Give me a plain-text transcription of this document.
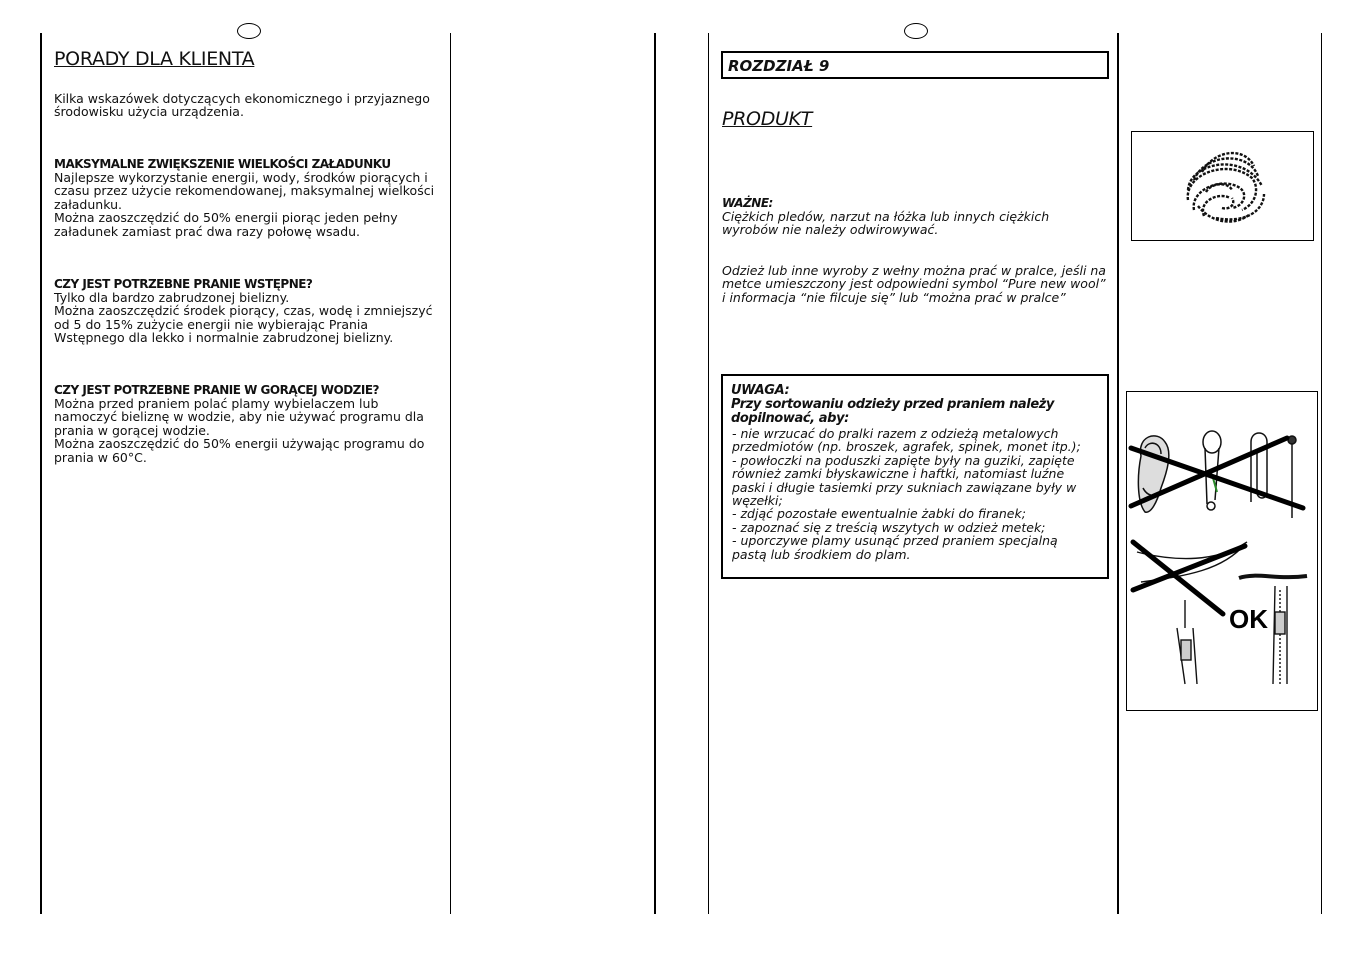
PORADY DLA KLIENTA
Kilka wskazówek dotyczących ekonomicznego i przyjaznego
środowisku użycia urządzenia.
MAKSYMALNE ZWIĘKSZENIE WIELKOŚCI ZAŁADUNKU
Najlepsze wykorzystanie energii, wody, środków piorących i
czasu przez użycie rekomendowanej, maksymalnej wielkości
załadunku.
Można zaoszczędzić do 50% energii piorąc jeden pełny
załadunek zamiast prać dwa razy połowę wsadu.
CZY JEST POTRZEBNE PRANIE WSTĘPNE?
Tylko dla bardzo zabrudzonej bielizny.
Można zaoszczędzić środek piorący, czas, wodę i zmniejszyć
od 5 do 15% zużycie energii nie wybierając Prania
Wstępnego dla lekko i normalnie zabrudzonej bielizny.
CZY JEST POTRZEBNE PRANIE W GORĄCEJ WODZIE?
Można przed praniem polać plamy wybielaczem lub
namoczyć bieliznę w wodzie, aby nie używać programu dla
prania w gorącej wodzie.
Można zaoszczędzić do 50% energii używając programu do
prania w 60°C.
ROZDZIAŁ 9
PRODUKT
WAŻNE:
Ciężkich pledów, narzut na łóżka lub innych ciężkich
wyrobów nie należy odwirowywać.
Odzież lub inne wyroby z wełny można prać w pralce, jeśli na
metce umieszczony jest odpowiedni symbol “Pure new wool”
i informacja “nie filcuje się” lub “można prać w pralce”
UWAGA:
Przy sortowaniu odzieży przed praniem należy
dopilnować, aby:
- nie wrzucać do pralki razem z odzieżą metalowych
przedmiotów (np. broszek, agrafek, spinek, monet itp.);
- powłoczki na poduszki zapięte były na guziki, zapięte
również zamki błyskawiczne i haftki, natomiast luźne
paski i długie tasiemki przy sukniach zawiązane były w
węzełki;
- zdjąć pozostałe ewentualnie żabki do firanek;
- zapoznać się z treścią wszytych w odzież metek;
- uporczywe plamy usunąć przed praniem specjalną
pastą lub środkiem do plam.
OK
